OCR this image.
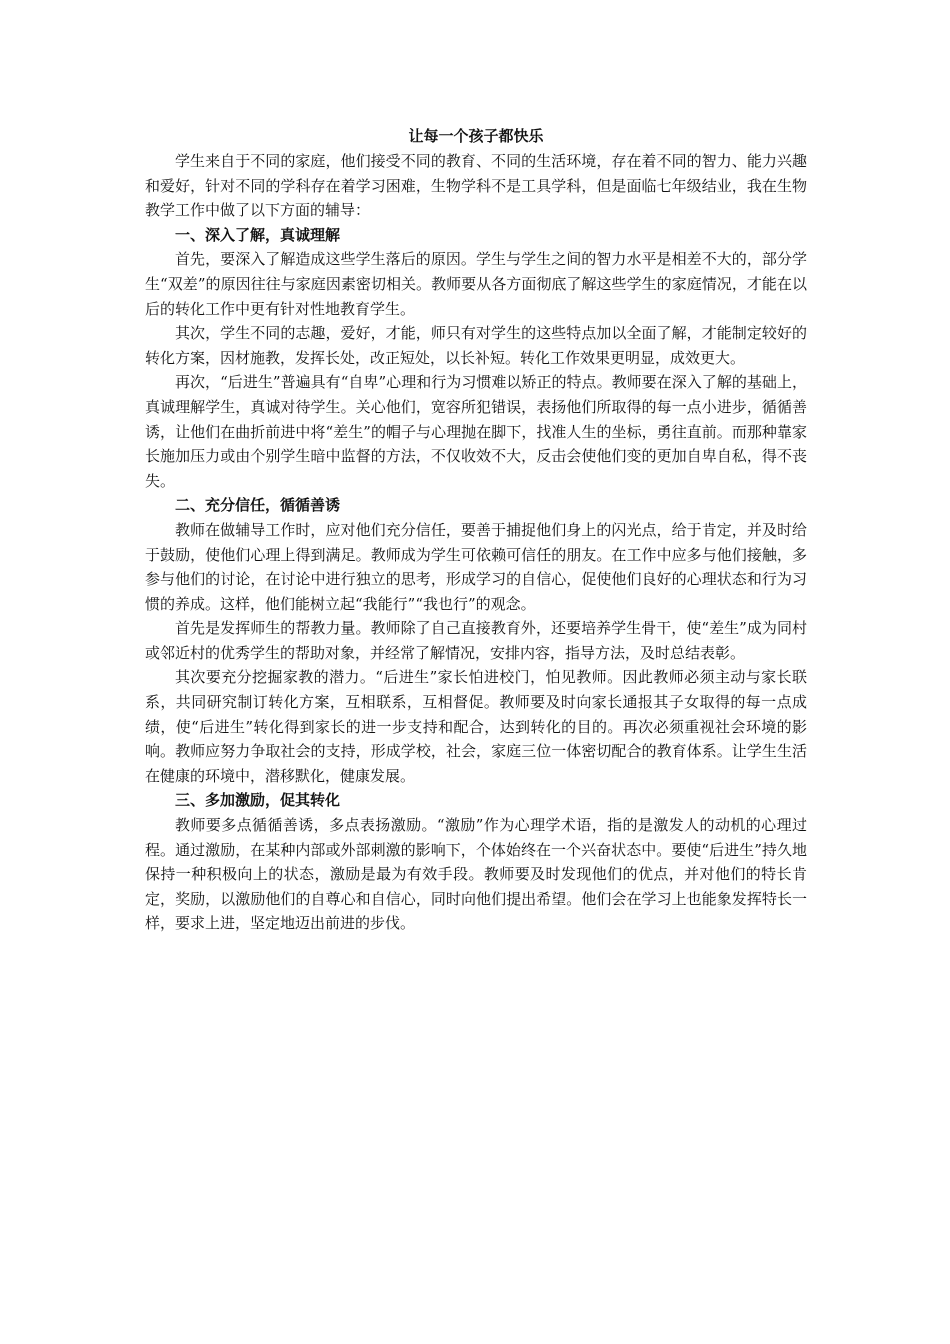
让每一个孩子都快乐

学生来自于不同的家庭，他们接受不同的教育、不同的生活环境，存在着不同的智力、能力兴趣和爱好，针对不同的学科存在着学习困难，生物学科不是工具学科，但是面临七年级结业，我在生物教学工作中做了以下方面的辅导：

一、深入了解，真诚理解

首先，要深入了解造成这些学生落后的原因。学生与学生之间的智力水平是相差不大的，部分学生“双差”的原因往往与家庭因素密切相关。教师要从各方面彻底了解这些学生的家庭情况，才能在以后的转化工作中更有针对性地教育学生。

其次，学生不同的志趣，爱好，才能，师只有对学生的这些特点加以全面了解，才能制定较好的转化方案，因材施教，发挥长处，改正短处，以长补短。转化工作效果更明显，成效更大。

再次，“后进生”普遍具有“自卑”心理和行为习惯难以矫正的特点。教师要在深入了解的基础上，真诚理解学生，真诚对待学生。关心他们，宽容所犯错误，表扬他们所取得的每一点小进步，循循善诱，让他们在曲折前进中将“差生”的帽子与心理抛在脚下，找准人生的坐标，勇往直前。而那种靠家长施加压力或由个别学生暗中监督的方法，不仅收效不大，反击会使他们变的更加自卑自私，得不丧失。

二、充分信任，循循善诱

教师在做辅导工作时，应对他们充分信任，要善于捕捉他们身上的闪光点，给于肯定，并及时给于鼓励，使他们心理上得到满足。教师成为学生可依赖可信任的朋友。在工作中应多与他们接触，多参与他们的讨论，在讨论中进行独立的思考，形成学习的自信心，促使他们良好的心理状态和行为习惯的养成。这样，他们能树立起“我能行”“我也行”的观念。

首先是发挥师生的帮教力量。教师除了自己直接教育外，还要培养学生骨干，使“差生”成为同村或邻近村的优秀学生的帮助对象，并经常了解情况，安排内容，指导方法，及时总结表彰。

其次要充分挖掘家教的潜力。“后进生”家长怕进校门，怕见教师。因此教师必须主动与家长联系，共同研究制订转化方案，互相联系，互相督促。教师要及时向家长通报其子女取得的每一点成绩，使“后进生”转化得到家长的进一步支持和配合，达到转化的目的。再次必须重视社会环境的影响。教师应努力争取社会的支持，形成学校，社会，家庭三位一体密切配合的教育体系。让学生生活在健康的环境中，潜移默化，健康发展。

三、多加激励，促其转化

教师要多点循循善诱，多点表扬激励。“激励”作为心理学术语，指的是激发人的动机的心理过程。通过激励，在某种内部或外部刺激的影响下，个体始终在一个兴奋状态中。要使“后进生”持久地保持一种积极向上的状态，激励是最为有效手段。教师要及时发现他们的优点，并对他们的特长肯定，奖励，以激励他们的自尊心和自信心，同时向他们提出希望。他们会在学习上也能象发挥特长一样，要求上进，坚定地迈出前进的步伐。
